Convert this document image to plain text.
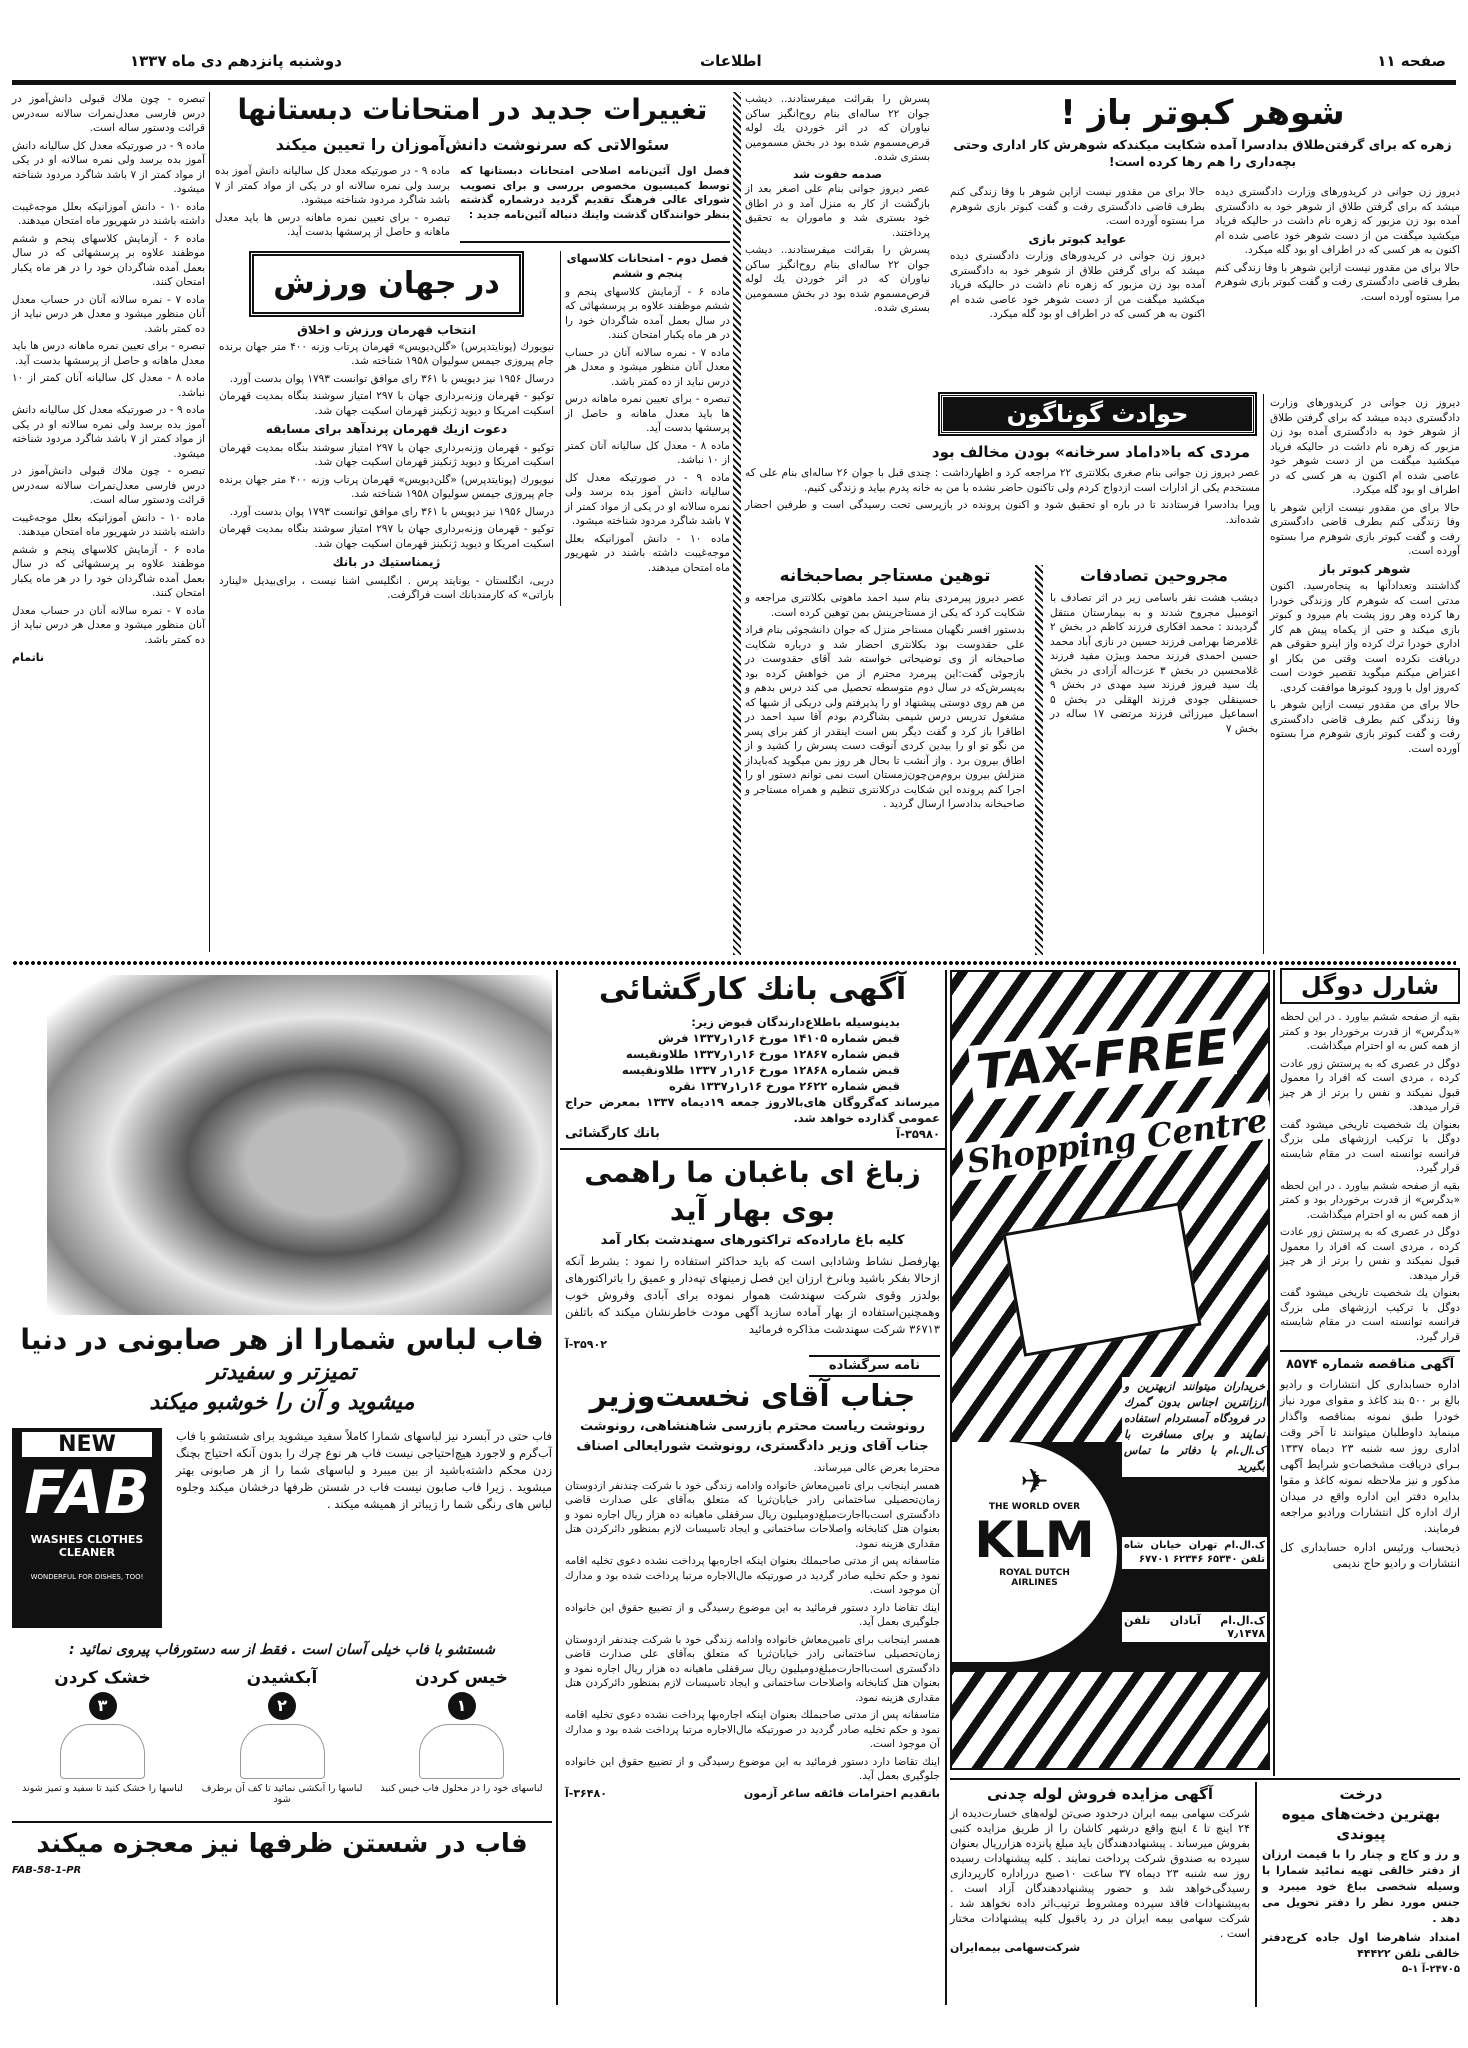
صفحه ۱۱
اطلاعات
دوشنبه پانزدهم دی ماه ۱۳۳۷
شوهر کبوتر باز !
زهره که برای گرفتن‌طلاق بدادسرا آمده شکایت میکندکه شوهرش کار اداری وحتی بچه‌داری را هم رها کرده است!

دیروز زن جوانی در کریدورهای وزارت دادگستری دیده میشد که برای گرفتن طلاق از شوهر خود به دادگستری آمده بود زن مزبور که زهره نام داشت در حالیکه فریاد میکشید میگفت من از دست شوهر خود عاصی شده ام اکنون به هر کسی که در اطراف او بود گله میکرد.

حالا برای من مقدور نیست ازاین شوهر با وفا زندگی کنم بطرف قاضی دادگستری رفت و گفت کبوتر بازی شوهرم مرا بستوه آورده است.

حالا برای من مقدور نیست ازاین شوهر با وفا زندگی کنم بطرف قاضی دادگستری رفت و گفت کبوتر بازی شوهرم مرا بستوه آورده است.

عواید کبوتر بازی

دیروز زن جوانی در کریدورهای وزارت دادگستری دیده میشد که برای گرفتن طلاق از شوهر خود به دادگستری آمده بود زن مزبور که زهره نام داشت در حالیکه فریاد میکشید میگفت من از دست شوهر خود عاصی شده ام اکنون به هر کسی که در اطراف او بود گله میکرد.

دیروز زن جوانی در کریدورهای وزارت دادگستری دیده میشد که برای گرفتن طلاق از شوهر خود به دادگستری آمده بود زن مزبور که زهره نام داشت در حالیکه فریاد میکشید میگفت من از دست شوهر خود عاصی شده ام اکنون به هر کسی که در اطراف او بود گله میکرد.

حالا برای من مقدور نیست ازاین شوهر با وفا زندگی کنم بطرف قاضی دادگستری رفت و گفت کبوتر بازی شوهرم مرا بستوه آورده است.

شوهر کبوتر باز

گذاشتند وتعدادآنها به پنجاه‌رسید. اکنون مدتی است که شوهرم کار وزندگی خودرا رها کرده وهر روز پشت بام میرود و کبوتر بازی میکند و حتی از یکماه پیش هم کار اداری خودرا ترك کرده واز اینرو حقوقی هم دریافت نکرده است وقتی من بکار او اعتراض میکنم میگوید تقصیر خودت است که‌روز اول با ورود کبوترها موافقت کردی.

حالا برای من مقدور نیست ازاین شوهر با وفا زندگی کنم بطرف قاضی دادگستری رفت و گفت کبوتر بازی شوهرم مرا بستوه آورده است.

حوادث گوناگون
مردی که با«داماد سرخانه» بودن مخالف بود

عصر دیروز زن جوانی بنام صغری بکلانتری ۲۲ مراجعه کرد و اظهارداشت : چندی قبل با جوان ۲۶ ساله‌ای بنام علی که مستخدم یکی از ادارات است ازدواج کردم ولی تاکنون حاضر نشده با من به خانه پدرم بیاید و زندگی کنیم.

ویرا بدادسرا فرستادند تا در باره او تحقیق شود و اکنون پرونده در بازپرسی تحت رسیدگی است و طرفین احضار شده‌اند.

مجروحین تصادفات
دیشب هشت نفر باسامی زیر در اثر تصادف با اتومبیل مجروح شدند و به بیمارستان منتقل گردیدند : محمد افکاری فرزند کاظم در بخش ۲ غلامرضا بهرامی فرزند حسین در نازی آباد محمد حسین احمدی فرزند محمد وبیژن مفید فرزند غلامحسین در بخش ۳ عزت‌اله آزادی در بخش یك سید فیروز فرزند سید مهدی در بخش ۹ حسینقلی جودی فرزند الهقلی در بخش ۵ اسماعیل میرزائی فرزند مرتضی ۱۷ ساله در بخش ۷

پسرش را بقرائت میفرستادند.. دیشب جوان ۲۲ ساله‌ای بنام روح‌انگیز ساکن نیاوران که در اثر خوردن یك لوله قرص‌مسموم شده بود در بخش مسمومین بستری شده.

صدمه حفوت شد

عصر دیروز جوانی بنام علی اصغر بعد از بازگشت از کار به منزل آمد و در اطاق خود بستری شد و ماموران به تحقیق پرداختند.

پسرش را بقرائت میفرستادند.. دیشب جوان ۲۲ ساله‌ای بنام روح‌انگیز ساکن نیاوران که در اثر خوردن یك لوله قرص‌مسموم شده بود در بخش مسمومین بستری شده.

توهین مستاجر بصاحبخانه

عصر دیروز پیرمردی بنام سید احمد ماهوتی بکلانتری مراجعه و شکایت کرد که یکی از مستاجرینش بمن توهین کرده است.

بدستور افسر نگهبان مستاجر منزل که جوان دانشجوئی بنام فراد علی حقدوست بود بکلانتری احضار شد و درباره شکایت صاحبخانه از وی توضیحاتی خواسته شد آقای حقدوست در بازجوئی گفت:این پیرمرد محترم از من خواهش کرده بود به‌پسرش‌که در سال دوم متوسطه تحصیل می کند درس بدهم و من هم روی دوستی پیشنهاد او را پذیرفتم ولی دریکی از شبها که مشغول تدریس درس شیمی بشاگردم بودم آقا سید احمد در اطاقرا باز کرد و گفت دیگر بس است اینقدر از کفر برای پسر من نگو تو او را بیدین کردی آنوقت دست پسرش را کشید و از اطاق بیرون برد . واز آنشب تا بحال هر روز بمن میگوید که‌بایداز منزلش بیرون بروم‌من‌چون‌زمستان است نمی توانم دستور او را اجرا کنم پرونده این شکایت درکلانتری تنظیم و همراه مستاجر و صاحبخانه بدادسرا ارسال گردید .

تغییرات جدید در امتحانات دبستانها
سئوالاتی که سرنوشت دانش‌آموزان را تعیین میکند
فصل اول آئین‌نامه اصلاحی امتحانات دبستانها که توسط کمیسیون مخصوص بررسی و برای تصویب شورای عالی فرهنگ تقدیم گردید درشماره گذشته بنظر خوانندگان گذشت واینك دنباله آئین‌نامه جدید :

ماده ۹ - در صورتیکه معدل کل سالیانه دانش آموز بده برسد ولی نمره سالانه او در یکی از مواد کمتر از ۷ باشد شاگرد مردود شناخته میشود.

تبصره - برای تعیین نمره ماهانه درس ها باید معدل ماهانه و حاصل از پرسشها بدست آید.

فصل دوم - امتحانات کلاسهای پنجم و ششم

ماده ۶ - آزمایش کلاسهای پنجم و ششم موظفند علاوه بر پرسشهائی که در سال بعمل آمده شاگردان خود را در هر ماه یکبار امتحان کنند.

ماده ۷ - نمره سالانه آنان در حساب معدل آنان منظور میشود و معدل هر درس نباید از ده کمتر باشد.

تبصره - برای تعیین نمره ماهانه درس ها باید معدل ماهانه و حاصل از پرسشها بدست آید.

ماده ۸ - معدل کل ساليانه آنان کمتر از ۱۰ نباشد.

ماده ۹ - در صورتیکه معدل کل سالیانه دانش آموز بده برسد ولی نمره سالانه او در یکی از مواد کمتر از ۷ باشد شاگرد مردود شناخته میشود.

ماده ۱۰ - دانش آموزانیکه بعلل موجه‌غیبت داشته باشند در شهریور ماه امتحان میدهند.

در جهان ورزش
انتخاب قهرمان ورزش و اخلاق

نیویورك (یونایتدپرس) «گلن‌دیویس» قهرمان پرتاب وزنه ۴۰۰ متر جهان برنده جام پیروزی جیمس سولیوان ۱۹۵۸ شناخته شد.

درسال ۱۹۵۶ نیز دیویس با ۳۶۱ رای موافق توانست ۱۷۹۳ پوان بدست آورد.

توکیو - قهرمان وزنه‌برداری جهان با ۲۹۷ امتیاز سوشند بنگاه بمدیت قهرمان اسکیت امریکا و دیوید ژنکینز قهرمان اسکیت جهان شد.

دعوت ازیك قهرمان پرندآهد برای مسابقه

توکیو - قهرمان وزنه‌برداری جهان با ۲۹۷ امتیاز سوشند بنگاه بمدیت قهرمان اسکیت امریکا و دیوید ژنکینز قهرمان اسکیت جهان شد.

نیویورك (یونایتدپرس) «گلن‌دیویس» قهرمان پرتاب وزنه ۴۰۰ متر جهان برنده جام پیروزی جیمس سولیوان ۱۹۵۸ شناخته شد.

درسال ۱۹۵۶ نیز دیویس با ۳۶۱ رای موافق توانست ۱۷۹۳ پوان بدست آورد.

توکیو - قهرمان وزنه‌برداری جهان با ۲۹۷ امتیاز سوشند بنگاه بمدیت قهرمان اسکیت امریکا و دیوید ژنکینز قهرمان اسکیت جهان شد.

ژیمناستیك در بانك

دربی، انگلستان - یونایتد پرس . انگلیسی اشنا نیست ، برای‌بیدیل «لینارد باراتی» که کارمندبانك است فراگرفت.

تبصره - چون ملاك قبولی دانش‌آموز در درس فارسی معدل‌نمرات سالانه سه‌درس قرائت ودستور ساله است.

ماده ۹ - در صورتیکه معدل کل سالیانه دانش آموز بده برسد ولی نمره سالانه او در یکی از مواد کمتر از ۷ باشد شاگرد مردود شناخته میشود.

ماده ۱۰ - دانش آموزانیکه بعلل موجه‌غیبت داشته باشند در شهریور ماه امتحان میدهند.

ماده ۶ - آزمایش کلاسهای پنجم و ششم موظفند علاوه بر پرسشهائی که در سال بعمل آمده شاگردان خود را در هر ماه یکبار امتحان کنند.

ماده ۷ - نمره سالانه آنان در حساب معدل آنان منظور میشود و معدل هر درس نباید از ده کمتر باشد.

تبصره - برای تعیین نمره ماهانه درس ها باید معدل ماهانه و حاصل از پرسشها بدست آید.

ماده ۸ - معدل کل ساليانه آنان کمتر از ۱۰ نباشد.

ماده ۹ - در صورتیکه معدل کل سالیانه دانش آموز بده برسد ولی نمره سالانه او در یکی از مواد کمتر از ۷ باشد شاگرد مردود شناخته میشود.

تبصره - چون ملاك قبولی دانش‌آموز در درس فارسی معدل‌نمرات سالانه سه‌درس قرائت ودستور ساله است.

ماده ۱۰ - دانش آموزانیکه بعلل موجه‌غیبت داشته باشند در شهریور ماه امتحان میدهند.

ماده ۶ - آزمایش کلاسهای پنجم و ششم موظفند علاوه بر پرسشهائی که در سال بعمل آمده شاگردان خود را در هر ماه یکبار امتحان کنند.

ماده ۷ - نمره سالانه آنان در حساب معدل آنان منظور میشود و معدل هر درس نباید از ده کمتر باشد.

ناتمام
فاب لباس شمارا از هر صابونی در دنیا
تمیزتر و سفیدتر
میشوید و آن را خوشبو میکند
NEW
FAB
WASHES CLOTHES CLEANER
WONDERFUL FOR DISHES, TOO!
فاب حتی در آبسرد نیز لباسهای شمارا کاملاً سفید میشوید برای شستشو با فاب آب‌گرم و لاجورد هیچ‌احتیاجی نیست فاب هر نوع چرك را بدون آنکه احتیاج بچنگ زدن محکم داشته‌باشید از بین میبرد و لباسهای شما را از هر صابونی بهتر میشوید . زیرا فاب صابون نیست فاب در شستن ظرفها درخشان میکند وجلوه لباس های رنگی شما را زیباتر از همیشه میکند .
شستشو با فاب خیلی آسان است . فقط از سه دستورفاب پیروی نمائید :
خیس کردن
۱
لباسهای خود را در محلول فاب خیس کنید
آبکشیدن
۲
لباسها را آبکشی نمائید تا کف آن برطرف شود
خشک کردن
۳
لباسها را خشک کنید تا سفید و تمیز شوند
فاب در شستن ظرفها نیز معجزه میکند
FAB-58-1-PR
آگهی بانك کارگشائی
بدینوسیله باطلاع‌دارندگان قبوض زیر:
قبض شماره ۱۴۱۰۵ مورخ ۱۶ر۱ر۱۳۳۷ فرش
قبض شماره ۱۲۸۶۷ مورخ ۱۶ر۱ر۱۳۳۷ طلاونقیسه
قبض شماره ۱۲۸۶۸ مورخ ۱۶ر۱ر ۱۳۳۷ طلاونقیسه
قبض شماره ۲۶۲۲ مورخ ۱۶ر۱ر۱۳۳۷ نقره
میرساند که‌گروگان های‌بالاروز جمعه ۱۹دیماه ۱۳۳۷ بمعرض حراج عمومی گذارده خواهد شد.
۳۵۹۸۰-آ
بانك کارگشائی
زباغ ای باغبان ما راهمی
بوی بهار آید
کلیه باغ ماراده‌که تراکتورهای سهندشت بکار آمد
بهارفصل نشاط وشادابی است که باید حداکثر استفاده را نمود : بشرط آنکه ازحالا بفکر باشید وبانرخ ارزان این فصل زمینهای تپه‌دار و عمیق را باتراکتورهای بولدزر وقوی شرکت سهندشت هموار نموده برای آبادی وفروش خوب وهمچنین‌استفاده از بهار آماده سازید آگهی مودت خاطرنشان میکند که باتلفن ۳۶۷۱۳ شرکت سهندشت مذاکره فرمائید
۳۵۹۰۲-آ
نامه سرگشاده
جناب آقای نخست‌وزیر
رونوشت ریاست محترم بازرسی شاهنشاهی، رونوشت جناب آقای وزیر دادگستری، رونوشت شورایعالی اصناف

محترما بعرض عالی میرساند.

همسر اینجانب برای تامین‌معاش خانواده وادامه زندگی خود با شرکت چندنفر ازدوستان زمان‌تحصیلی ساختمانی رادر خیابان‌ثریا که متعلق به‌آقای علی صدارت قاضی دادگستری است‌بااجارت‌مبلغ‌دومیلیون ریال سرقفلی ماهیانه ده هزار ریال اجاره نمود و بعنوان هتل کتابخانه واصلاحات ساختمانی و ایجاد تاسیسات لازم بمنظور دائرکردن هتل مقداری هزینه نمود.

متاسفانه پس از مدتی صاحبملك بعنوان اینکه اجاره‌بها پرداخت نشده دعوی تخلیه اقامه نمود و حکم تخلیه صادر گردید در صورتیکه مال‌الاجاره مرتبا پرداخت شده بود و مدارك آن موجود است.

اینك تقاضا دارد دستور فرمائید به این موضوع رسیدگی و از تضییع حقوق این خانواده جلوگیری بعمل آید.

همسر اینجانب برای تامین‌معاش خانواده وادامه زندگی خود با شرکت چندنفر ازدوستان زمان‌تحصیلی ساختمانی رادر خیابان‌ثریا که متعلق به‌آقای علی صدارت قاضی دادگستری است‌بااجارت‌مبلغ‌دومیلیون ریال سرقفلی ماهیانه ده هزار ریال اجاره نمود و بعنوان هتل کتابخانه واصلاحات ساختمانی و ایجاد تاسیسات لازم بمنظور دائرکردن هتل مقداری هزینه نمود.

متاسفانه پس از مدتی صاحبملك بعنوان اینکه اجاره‌بها پرداخت نشده دعوی تخلیه اقامه نمود و حکم تخلیه صادر گردید در صورتیکه مال‌الاجاره مرتبا پرداخت شده بود و مدارك آن موجود است.

اینك تقاضا دارد دستور فرمائید به این موضوع رسیدگی و از تضییع حقوق این خانواده جلوگیری بعمل آید.

باتقدیم احترامات فائقه ساغر آزمون
۳۶۴۸۰-آ
TAX-FREE
Shopping Centre
✈
THE WORLD OVER
KLM
ROYAL DUTCH AIRLINES
خریداران میتوانند ازبهترین و ارزانترین اجناس بدون گمرك در فرودگاه آمستردام استفاده نمایند و برای مسافرت با ک.ال.ام با دفاتر ما تماس بگیرید
ک.ال.ام تهران خیابان شاه تلفن ۶۵۳۴۰ ۶۲۳۴۶ ۶۷۷۰۱
ک.ال.ام آبادان تلفن ۷٫۱۴۷۸
شارل دوگل

بقیه از صفحه ششم بیاورد . در این لحظه «بدگرس» از قدرت برخوردار بود و کمتر از همه کس به او احترام میگذاشت.

دوگل در عصری که به پرستش زور عادت کرده ، مردی است که افراد را معمول قبول نمیکند و نفس را برتر از هر چیز قرار میدهد.

بعنوان یك شخصیت تاریخی میشود گفت دوگل با ترکیب ارزشهای ملی بزرگ فرانسه توانسته است در مقام شایسته قرار گیرد.

بقیه از صفحه ششم بیاورد . در این لحظه «بدگرس» از قدرت برخوردار بود و کمتر از همه کس به او احترام میگذاشت.

دوگل در عصری که به پرستش زور عادت کرده ، مردی است که افراد را معمول قبول نمیکند و نفس را برتر از هر چیز قرار میدهد.

بعنوان یك شخصیت تاریخی میشود گفت دوگل با ترکیب ارزشهای ملی بزرگ فرانسه توانسته است در مقام شایسته قرار گیرد.

آگهی مناقصه شماره ۸۵۷۴
اداره حسابداری کل انتشارات و رادیو بالغ بر ۵۰۰ بند کاغذ و مقوای مورد نیاز خودرا طبق نمونه بمناقصه واگذار مینماید داوطلبان میتوانند تا آخر وقت اداری روز سه شنبه ۲۳ دیماه ۱۳۳۷ بـرای دریافت مشخصات‌و شرایط آگهی مذکور و نیز ملاحظه نمونه کاغذ و مقوا بدایره دفتر این اداره واقع در میدان ارك اداره کل انتشارات ورادیو مراجعه فرمایند.
ذیحساب ورئیس اداره حسابداری کل انتشارات و رادیو حاج ندیمی
آگهی مزایده فروش لوله چدنی
شرکت سهامی بیمه ایران درحدود صی‌تن لوله‌های خسارت‌دیده از ۲۴ اینچ تا ٤ اینچ واقع درشهر کاشان را از طریق مزایده کتبی بفروش میرساند . پیشنهاددهندگان باید مبلغ پانزده هزارریال بعنوان سپرده به صندوق شرکت پرداخت نمایند . کلیه پیشنهادات رسیده روز سه شنبه ۲۳ دیماه ۳۷ ساعت ۱۰صبح درراداره کارپردازی رسیدگی‌خواهد شد و حضور پیشنهاددهندگان آزاد است . به‌پیشنهادات فاقد سپرده ومشروط ترتیب‌اثر داده نخواهد شد . شرکت سهامی بیمه ایران در رد یاقبول کلیه پیشنهادات مختار است .
شرکت‌سهامی بیمه‌ایران
درخت
بهترین دخت‌های میوه
پیوندی
و رز و کاج و چنار را با قیمت ارزان از دفتر خالقی تهیه نمائید شمارا با وسیله شخصی بباغ خود میبرد و جنس مورد نظر را دفتر تحویل می دهد .
امتداد شاهرضا اول جاده کرج‌دفتر خالقی تلفن ۴۴۴۲۲
۲۴۷۰۵-آ ۱-۵
